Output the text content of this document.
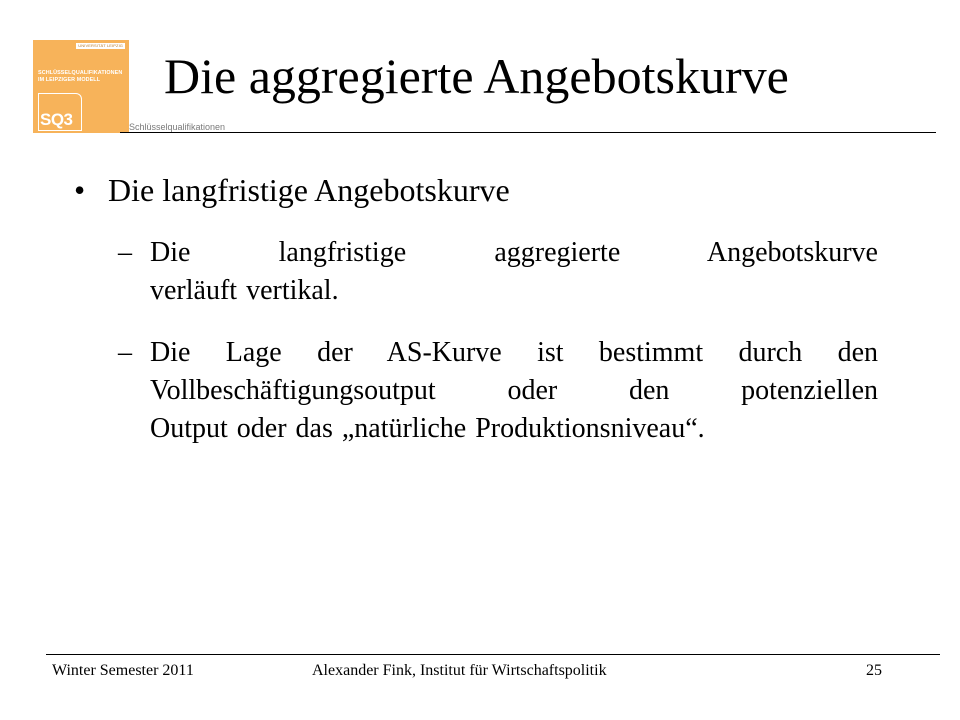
UNIVERSITÄT LEIPZIG
SCHLÜSSELQUALIFIKATIONEN
IM LEIPZIGER MODELL
SQ3	Schlüsselqualifikationen
Die aggregierte Angebotskurve
• Die langfristige Angebotskurve
– Die langfristige aggregierte Angebotskurve
verläuft vertikal.
– Die Lage der AS-Kurve ist bestimmt durch den
Vollbeschäftigungsoutput oder den potenziellen
Output oder das „natürliche Produktionsniveau“.
Winter Semester 2011	Alexander Fink, Institut für Wirtschaftspolitik	25
